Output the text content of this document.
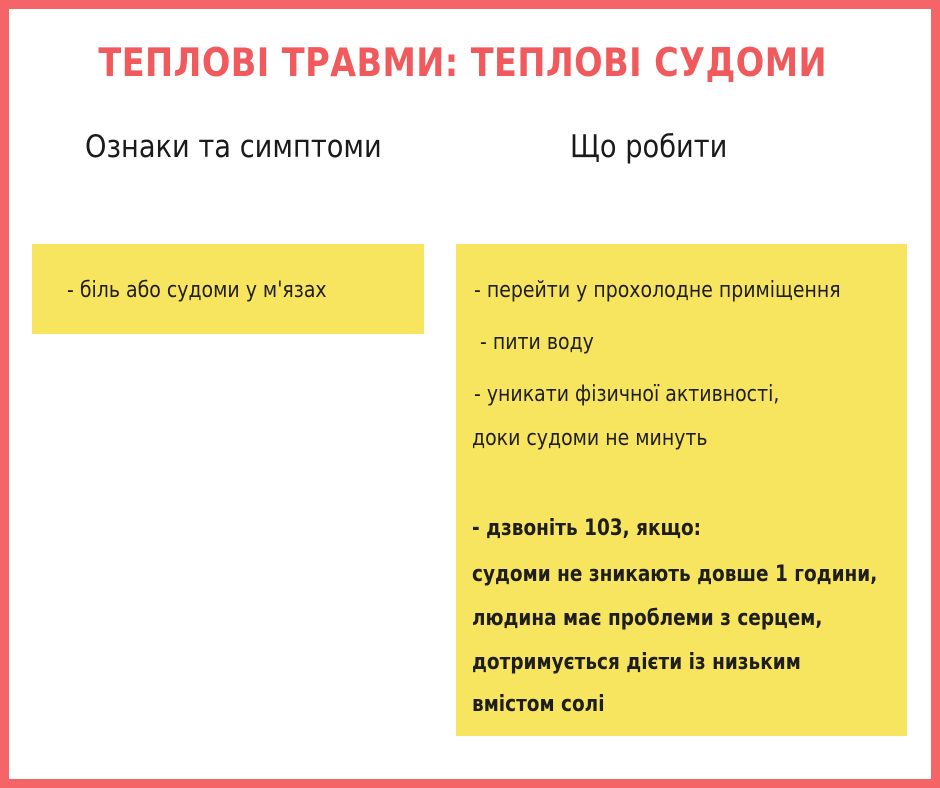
ТЕПЛОВІ ТРАВМИ: ТЕПЛОВІ СУДОМИ
Ознаки та симптоми	Що робити
- біль або судоми у м'язах	- перейти у прохолодне приміщення
- пити воду
- уникати фізичної активності,
доки судоми не минуть
- дзвоніть 103, якщо:
судоми не зникають довше 1 години,
людина має проблеми з серцем,
дотримується дієти із низьким
вмістом солі
